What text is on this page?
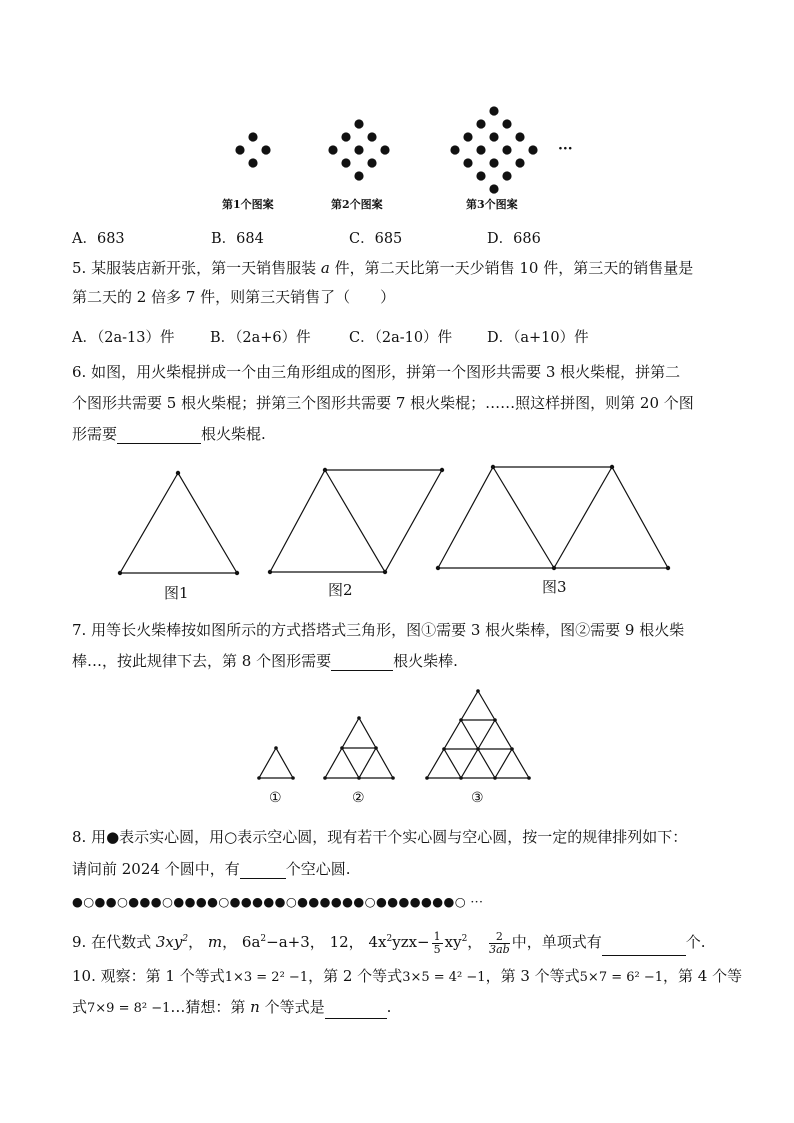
第1个图案	第2个图案	第3个图案
···
A．683	B．684	C．685	D．686
5. 某服装店新开张，第一天销售服装 a 件，第二天比第一天少销售 10 件，第三天的销售量是
第二天的 2 倍多 7 件，则第三天销售了（　　）
A．（2a-13）件 B．（2a+6）件	C．（2a-10）件 D．（a+10）件
6. 如图，用火柴棍拼成一个由三角形组成的图形，拼第一个图形共需要 3 根火柴棍，拼第二
个图形共需要 5 根火柴棍；拼第三个图形共需要 7 根火柴棍；……照这样拼图，则第 20 个图
形需要	根火柴棍.
图1	图2	图3
7. 用等长火柴棒按如图所示的方式搭塔式三角形，图①需要 3 根火柴棒，图②需要 9 根火柴
棒…，按此规律下去，第 8 个图形需要	根火柴棒.
①	②	③
8. 用●表示实心圆，用○表示空心圆，现有若干个实心圆与空心圆，按一定的规律排列如下：
请问前 2024 个圆中，有	个空心圆.
●○●●○●●●○●●●●○●●●●●○●●●●●●○●●●●●●●○ ···
9. 在代数式 $3xy^2$， m， $6a^2-a+3$， 12， $4x^2yzx- \frac{1}{5} xy^2$， $\frac{2}{3ab}$ 中，单项式有	个.
10. 观察：第 1 个等式1×3 = 2² −1，第 2 个等式3×5 = 4² −1，第 3 个等式5×7 = 6² −1，第 4 个等
式7×9 = 8² −1…猜想：第 n 个等式是	.
